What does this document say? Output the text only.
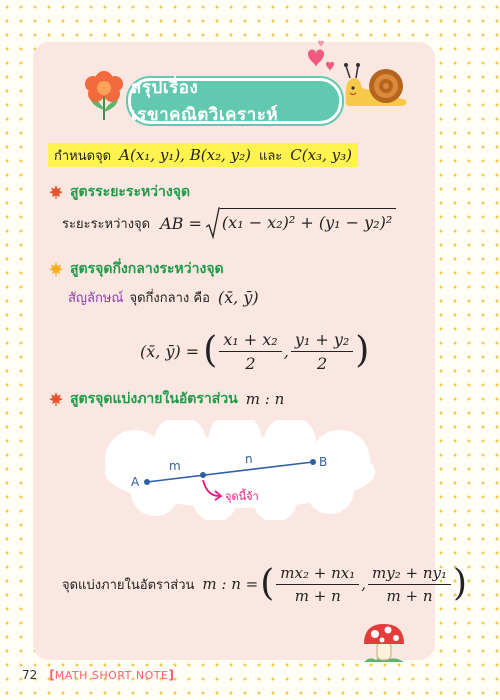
สรุปเรื่องเรขาคณิตวิเคราะห์
กำหนดจุด A(x₁, y₁), B(x₂, y₂) และ C(x₃, y₃)
สูตรระยะระหว่างจุด
ระยะระหว่างจุด AB = (x₁ − x₂)² + (y₁ − y₂)²
สูตรจุดกึ่งกลางระหว่างจุด
สัญลักษณ์ จุดกึ่งกลาง คือ (x̄, ȳ)
(x̄, ȳ) = ( $\frac{\text{x₁ + x₂}}{2}$ , $\frac{\text{y₁ + y₂}}{2}$ )
สูตรจุดแบ่งภายในอัตราส่วน m : n
A
B
m	n
จุดนี้จ้า
จุดแบ่งภายในอัตราส่วน m : n = ( $\frac{\text{mx₂ + nx₁}}{m + n}$ , $\frac{\text{my₂ + ny₁}}{m + n}$ )
72 [ MATH SHORT NOTE ]
